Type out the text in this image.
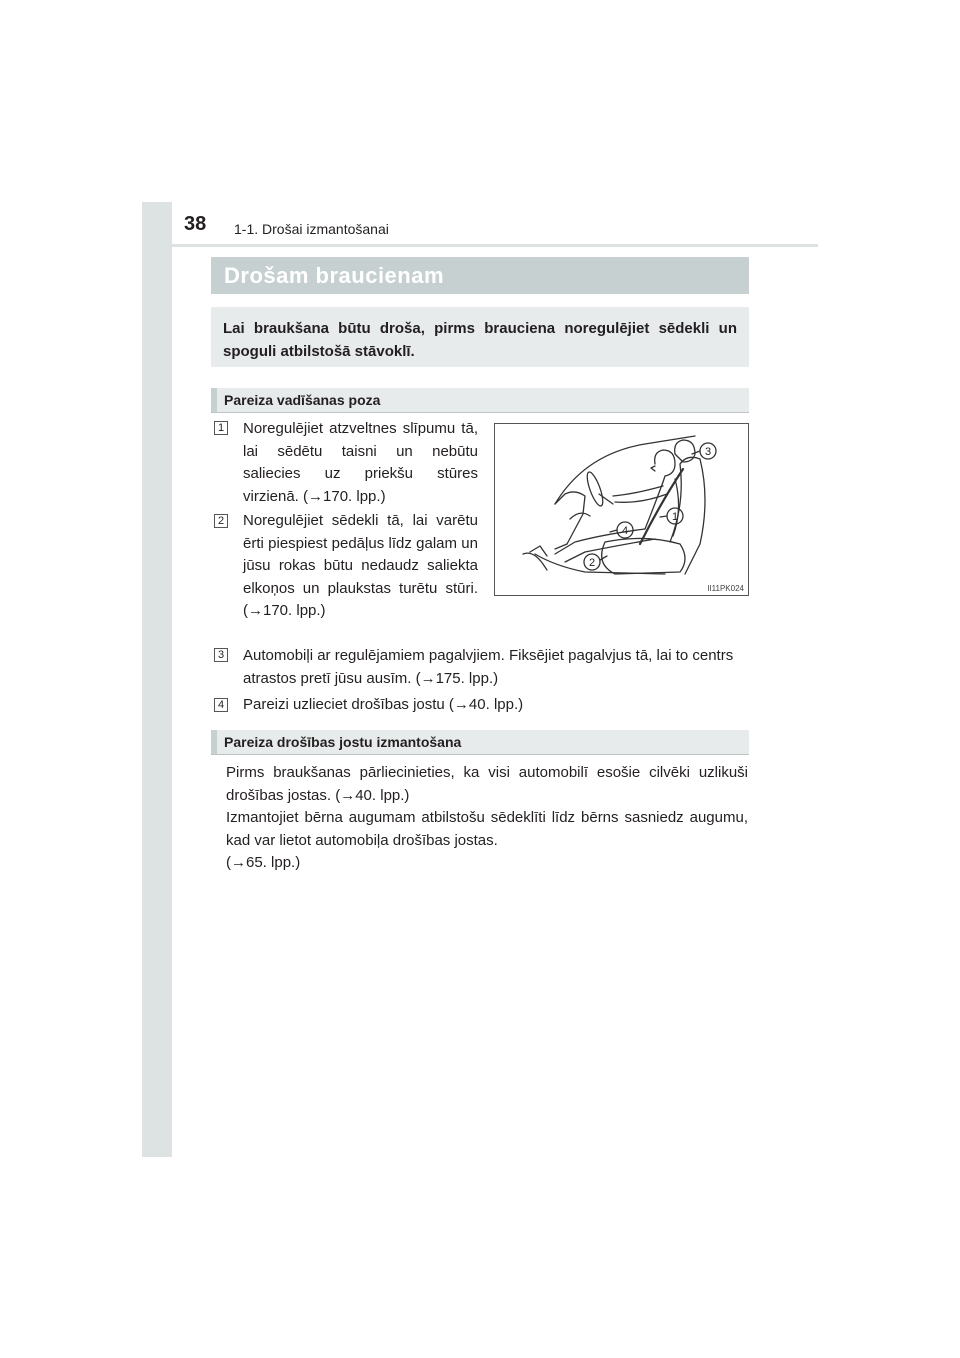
38 1-1. Drošai izmantošanai
Drošam braucienam

Lai braukšana būtu droša, pirms brauciena noregulējiet sēdekli un spoguli atbilstošā stāvoklī.

Pareiza vadīšanas poza
1 Noregulējiet atzveltnes slīpumu tā, lai sēdētu taisni un nebūtu saliecies uz priekšu stūres virzienā. (→170. lpp.)
2 Noregulējiet sēdekli tā, lai varētu ērti piespiest pedāļus līdz galam un jūsu rokas būtu nedaudz saliekta elkoņos un plaukstas turētu stūri. (→170. lpp.)
3
1
2
4
II11PK024
3 Automobiļi ar regulējamiem pagalvjiem. Fiksējiet pagalvjus tā, lai to centrs atrastos pretī jūsu ausīm. (→175. lpp.)
4 Pareizi uzlieciet drošības jostu (→40. lpp.)
Pareiza drošības jostu izmantošana
Pirms braukšanas pārliecinieties, ka visi automobilī esošie cilvēki uzlikuši drošības jostas. (→40. lpp.)
Izmantojiet bērna augumam atbilstošu sēdeklīti līdz bērns sasniedz augumu, kad var lietot automobiļa drošības jostas.
(→65. lpp.)
